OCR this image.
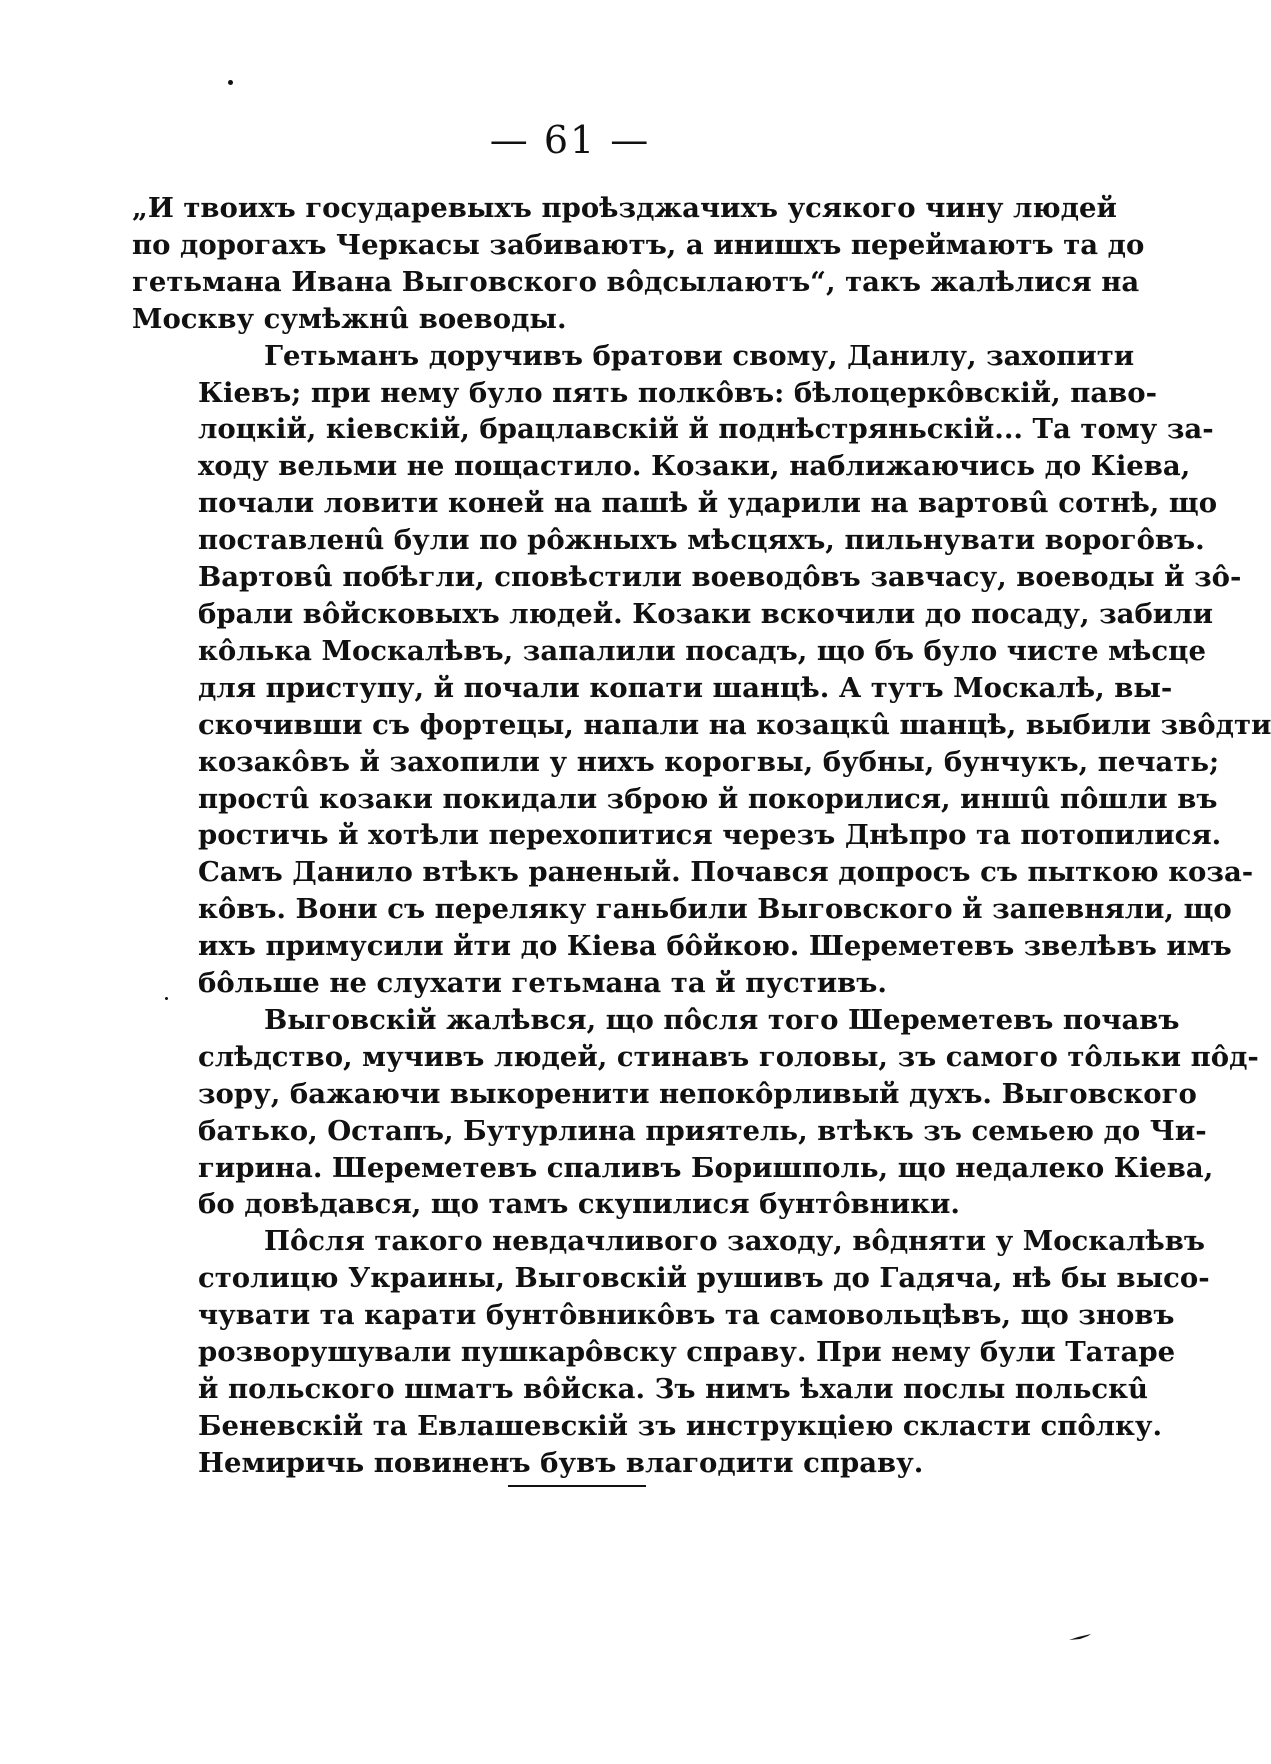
— 61 —
„И твоихъ государевыхъ проѣзджачихъ усякого чину людей
по дорогахъ Черкасы забиваютъ, а инишхъ переймаютъ та до
гетьмана Ивана Выговского вôдсылаютъ“, такъ жалѣлися на
Москву сумѣжнû воеводы.
Гетьманъ доручивъ братови свому, Данилу, захопити
Кіевъ; при нему було пять полкôвъ: бѣлоцеркôвскій, паво-
лоцкій, кіевскій, брацлавскій й поднѣстряньскій... Та тому за-
ходу вельми не пощастило. Козаки, наближаючись до Кіева,
почали ловити коней на пашѣ й ударили на вартовû сотнѣ, що
поставленû були по рôжныхъ мѣсцяхъ, пильнувати ворогôвъ.
Вартовû побѣгли, сповѣстили воеводôвъ завчасу, воеводы й зô-
брали вôйсковыхъ людей. Козаки вскочили до посаду, забили
кôлька Москалѣвъ, запалили посадъ, що бъ було чисте мѣсце
для приступу, й почали копати шанцѣ. А тутъ Москалѣ, вы-
скочивши съ фортецы, напали на козацкû шанцѣ, выбили звôдти
козакôвъ й захопили у нихъ корогвы, бубны, бунчукъ, печать;
простû козаки покидали зброю й покорилися, иншû пôшли въ
ростичь й хотѣли перехопитися черезъ Днѣпро та потопилися.
Самъ Данило втѣкъ раненый. Почався допросъ съ пыткою коза-
кôвъ. Вони съ переляку ганьбили Выговского й запевняли, що
ихъ примусили йти до Кіева бôйкою. Шереметевъ звелѣвъ имъ
бôльше не слухати гетьмана та й пустивъ.
Выговскій жалѣвся, що пôсля того Шереметевъ почавъ
слѣдство, мучивъ людей, стинавъ головы, зъ самого тôльки пôд-
зору, бажаючи выкоренити непокôрливый духъ. Выговского
батько, Остапъ, Бутурлина приятель, втѣкъ зъ семьею до Чи-
гирина. Шереметевъ спаливъ Боришполь, що недалеко Кіева,
бо довѣдався, що тамъ скупилися бунтôвники.
Пôсля такого невдачливого заходу, вôдняти у Москалѣвъ
столицю Украины, Выговскій рушивъ до Гадяча, нѣ бы высо-
чувати та карати бунтôвникôвъ та самовольцѣвъ, що зновъ
розворушували пушкарôвску справу. При нему були Татаре
й польского шматъ вôйска. Зъ нимъ ѣхали послы польскû
Беневскій та Евлашевскій зъ инструкціею скласти спôлку.
Немиричь повиненъ бувъ влагодити справу.
